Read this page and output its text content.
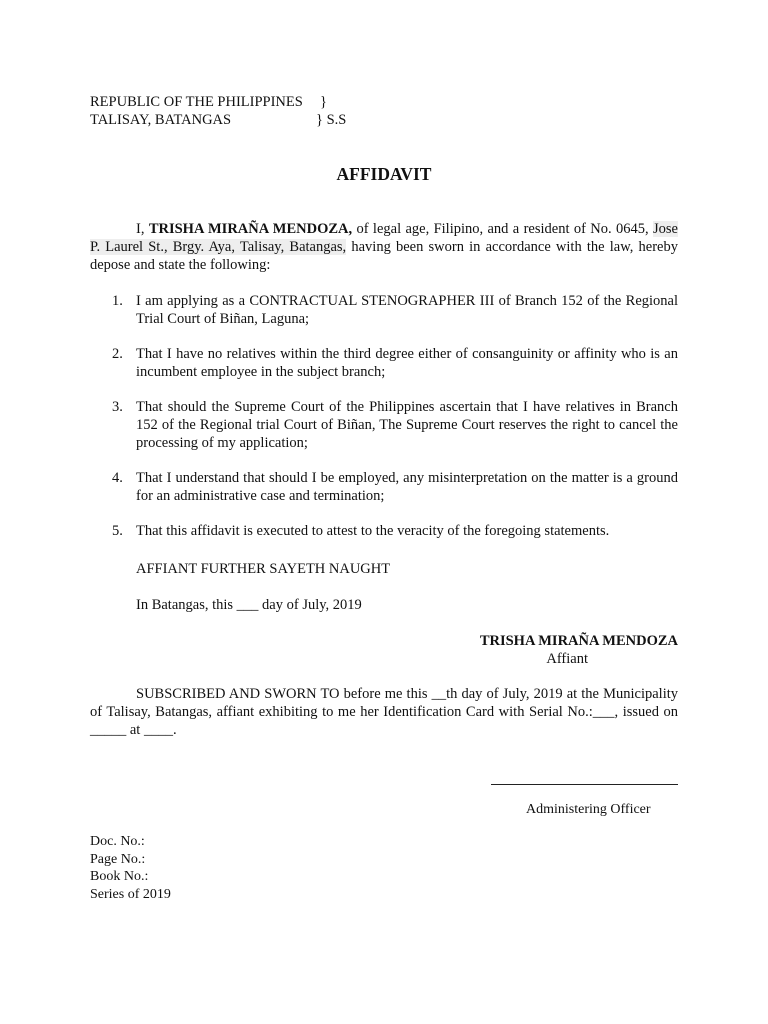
REPUBLIC OF THE PHILIPPINES	}
TALISAY, BATANGAS	} S.S
AFFIDAVIT
I, TRISHA MIRAÑA MENDOZA, of legal age, Filipino, and a resident of No. 0645, Jose P. Laurel St., Brgy. Aya, Talisay, Batangas, having been sworn in accordance with the law, hereby depose and state the following:
1. I am applying as a CONTRACTUAL STENOGRAPHER III of Branch 152 of the Regional Trial Court of Biñan, Laguna;
2. That I have no relatives within the third degree either of consanguinity or affinity who is an incumbent employee in the subject branch;
3. That should the Supreme Court of the Philippines ascertain that I have relatives in Branch 152 of the Regional trial Court of Biñan, The Supreme Court reserves the right to cancel the processing of my application;
4. That I understand that should I be employed, any misinterpretation on the matter is a ground for an administrative case and termination;
5. That this affidavit is executed to attest to the veracity of the foregoing statements.
AFFIANT FURTHER SAYETH NAUGHT
In Batangas, this ___ day of July, 2019
TRISHA MIRAÑA MENDOZA
Affiant
SUBSCRIBED AND SWORN TO before me this __th day of July, 2019 at the Municipality of Talisay, Batangas, affiant exhibiting to me her Identification Card with Serial No.:___, issued on _____ at ____.
Administering Officer
Doc. No.:
Page No.:
Book No.:
Series of 2019
